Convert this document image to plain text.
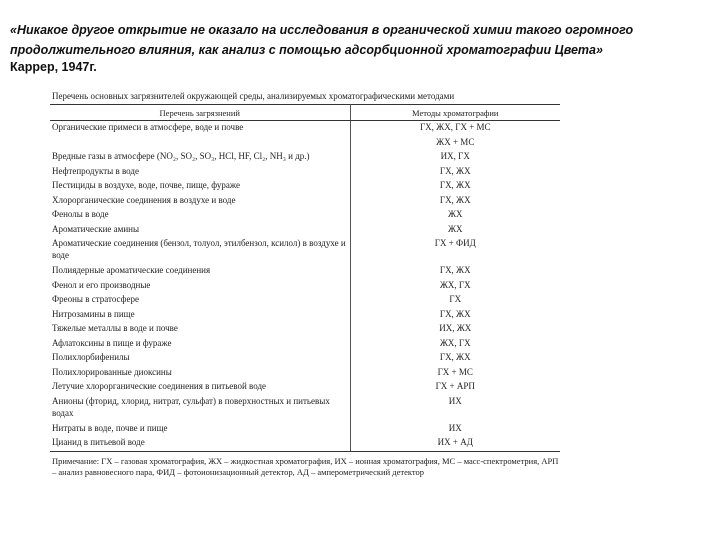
«Никакое другое открытие не оказало на исследования в органической химии такого огромного продолжительного влияния, как анализ с помощью адсорбционной хроматографии Цвета»
Каррер, 1947г.
Перечень основных загрязнителей окружающей среды, анализируемых хроматографическими методами
Перечень загрязнений	Методы хроматографии
Органические примеси в атмосфере, воде и почве	ГХ, ЖХ, ГХ + МС
	ЖХ + МС
Вредные газы в атмосфере (NO₂, SO₂, SO₃, HCl, HF, Cl₂, NH₃ и др.)	ИХ, ГХ
Нефтепродукты в воде	ГХ, ЖХ
Пестициды в воздухе, воде, почве, пище, фураже	ГХ, ЖХ
Хлорорганические соединения в воздухе и воде	ГХ, ЖХ
Фенолы в воде	ЖХ
Ароматические амины	ЖХ
Ароматические соединения (бензол, толуол, этилбензол, ксилол) в воздухе и воде	ГХ + ФИД
Полиядерные ароматические соединения	ГХ, ЖХ
Фенол и его производные	ЖХ, ГХ
Фреоны в стратосфере	ГХ
Нитрозамины в пище	ГХ, ЖХ
Тяжелые металлы в воде и почве	ИХ, ЖХ
Афлатоксины в пище и фураже	ЖХ, ГХ
Полихлорбифенилы	ГХ, ЖХ
Полихлорированные диоксины	ГХ + МС
Летучие хлорорганические соединения в питьевой воде	ГХ + АРП
Анионы (фторид, хлорид, нитрат, сульфат) в поверхностных и питьевых водах	ИХ
Нитраты в воде, почве и пище	ИХ
Цианид в питьевой воде	ИХ + АД
Примечание: ГХ – газовая хроматография, ЖХ – жидкостная хроматография, ИХ – ионная хроматография, МС – масс-спектрометрия, АРП – анализ равновесного пара, ФИД – фотоионизационный детектор, АД – амперометрический детектор
